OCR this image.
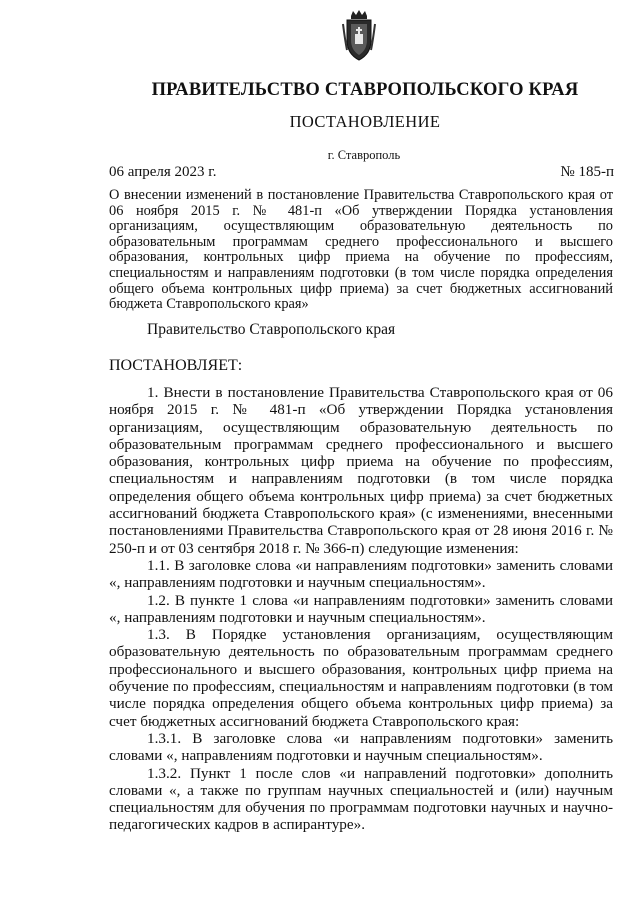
ПРАВИТЕЛЬСТВО СТАВРОПОЛЬСКОГО КРАЯ
ПОСТАНОВЛЕНИЕ
г. Ставрополь
06 апреля 2023 г.	№ 185-п
О внесении изменений в постановление Правительства Ставропольского края от 06 ноября 2015 г. № 481-п «Об утверждении Порядка установления организациям, осуществляющим образовательную деятельность по образовательным программам среднего профессионального и высшего образования, контрольных цифр приема на обучение по профессиям, специальностям и направлениям подготовки (в том числе порядка определения общего объема контрольных цифр приема) за счет бюджетных ассигнований бюджета Ставропольского края»
Правительство Ставропольского края
ПОСТАНОВЛЯЕТ:

1. Внести в постановление Правительства Ставропольского края от 06 ноября 2015 г. № 481-п «Об утверждении Порядка установления организациям, осуществляющим образовательную деятельность по образовательным программам среднего профессионального и высшего образования, контрольных цифр приема на обучение по профессиям, специальностям и направлениям подготовки (в том числе порядка определения общего объема контрольных цифр приема) за счет бюджетных ассигнований бюджета Ставропольского края» (с изменениями, внесенными постановлениями Правительства Ставропольского края от 28 июня 2016 г. № 250-п и от 03 сентября 2018 г. № 366-п) следующие изменения:

1.1. В заголовке слова «и направлениям подготовки» заменить словами «, направлениям подготовки и научным специальностям».

1.2. В пункте 1 слова «и направлениям подготовки» заменить словами «, направлениям подготовки и научным специальностям».

1.3. В Порядке установления организациям, осуществляющим образовательную деятельность по образовательным программам среднего профессионального и высшего образования, контрольных цифр приема на обучение по профессиям, специальностям и направлениям подготовки (в том числе порядка определения общего объема контрольных цифр приема) за счет бюджетных ассигнований бюджета Ставропольского края:

1.3.1. В заголовке слова «и направлениям подготовки» заменить словами «, направлениям подготовки и научным специальностям».

1.3.2. Пункт 1 после слов «и направлений подготовки» дополнить словами «, а также по группам научных специальностей и (или) научным специальностям для обучения по программам подготовки научных и научно-педагогических кадров в аспирантуре».
